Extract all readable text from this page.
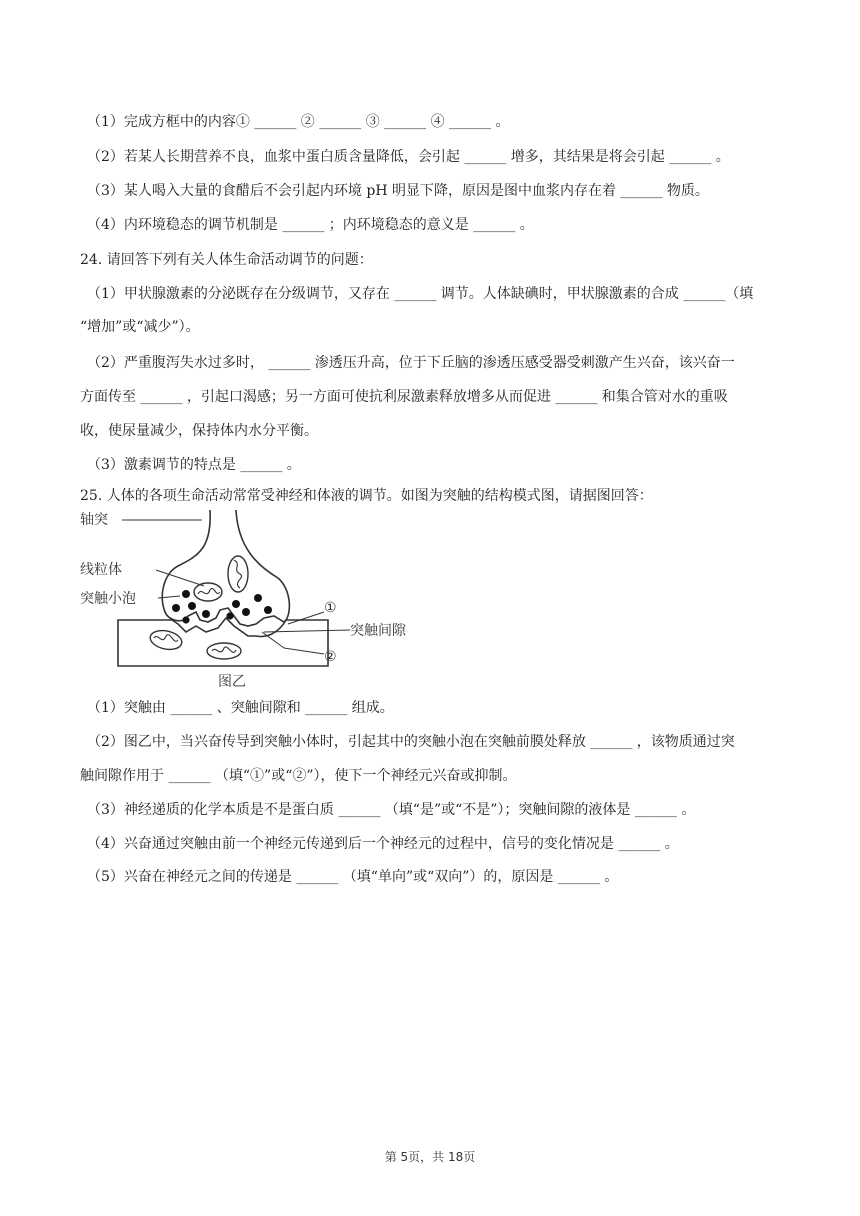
（1）完成方框中的内容① ______ ② ______ ③ ______ ④ ______ 。
（2）若某人长期营养不良，血浆中蛋白质含量降低，会引起 ______ 增多，其结果是将会引起 ______ 。
（3）某人喝入大量的食醋后不会引起内环境 pH 明显下降，原因是图中血浆内存在着 ______ 物质。
（4）内环境稳态的调节机制是 ______ ；内环境稳态的意义是 ______ 。
24. 请回答下列有关人体生命活动调节的问题：
（1）甲状腺激素的分泌既存在分级调节，又存在 ______ 调节。人体缺碘时，甲状腺激素的合成 ______（填
“增加”或“减少”）。
（2）严重腹泻失水过多时， ______ 渗透压升高，位于下丘脑的渗透压感受器受刺激产生兴奋，该兴奋一
方面传至 ______ ，引起口渴感；另一方面可使抗利尿激素释放增多从而促进 ______ 和集合管对水的重吸
收，使尿量减少，保持体内水分平衡。
（3）激素调节的特点是 ______ 。
25. 人体的各项生命活动常常受神经和体液的调节。如图为突触的结构模式图，请据图回答：
轴突
线粒体
突触小泡
①
突触间隙
②
图乙
（1）突触由 ______ 、突触间隙和 ______ 组成。
（2）图乙中，当兴奋传导到突触小体时，引起其中的突触小泡在突触前膜处释放 ______ ，该物质通过突
触间隙作用于 ______ （填“①”或“②”），使下一个神经元兴奋或抑制。
（3）神经递质的化学本质是不是蛋白质 ______ （填“是”或“不是”）；突触间隙的液体是 ______ 。
（4）兴奋通过突触由前一个神经元传递到后一个神经元的过程中，信号的变化情况是 ______ 。
（5）兴奋在神经元之间的传递是 ______ （填“单向”或“双向”）的，原因是 ______ 。
第 5页，共 18页
